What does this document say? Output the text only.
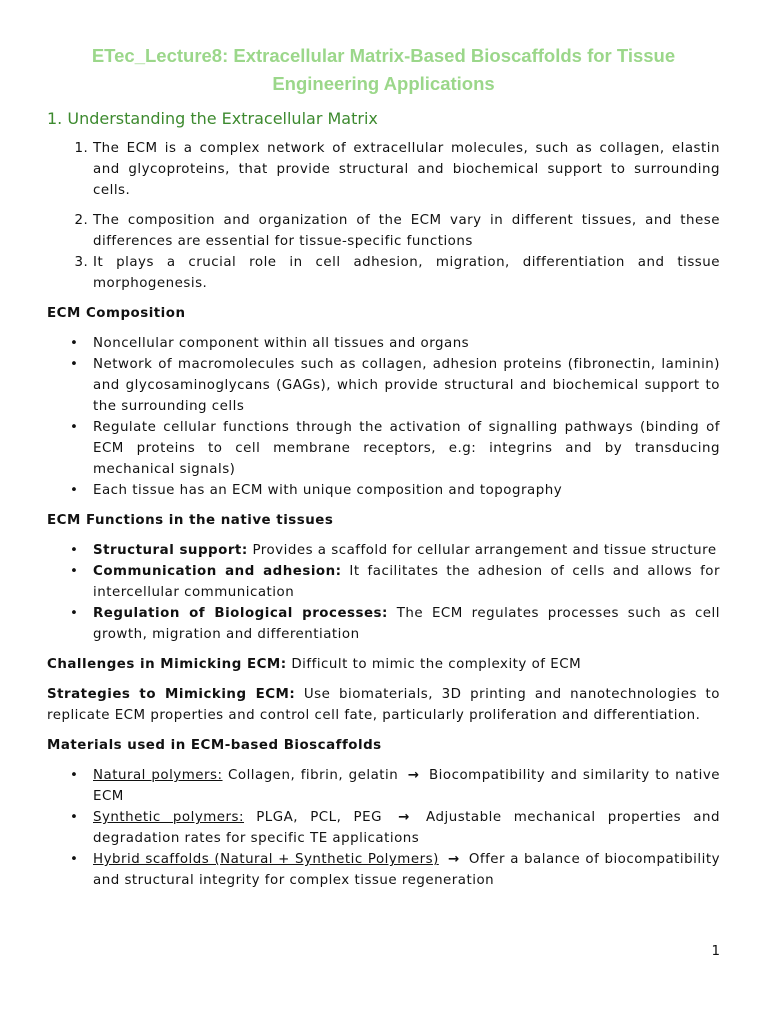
ETec_Lecture8: Extracellular Matrix-Based Bioscaffolds for Tissue Engineering Applications
1. Understanding the Extracellular Matrix
1. The ECM is a complex network of extracellular molecules, such as collagen, elastin and glycoproteins, that provide structural and biochemical support to surrounding cells.
2. The composition and organization of the ECM vary in different tissues, and these differences are essential for tissue-specific functions
3. It plays a crucial role in cell adhesion, migration, differentiation and tissue morphogenesis.
ECM Composition
• Noncellular component within all tissues and organs
• Network of macromolecules such as collagen, adhesion proteins (fibronectin, laminin) and glycosaminoglycans (GAGs), which provide structural and biochemical support to the surrounding cells
• Regulate cellular functions through the activation of signalling pathways (binding of ECM proteins to cell membrane receptors, e.g: integrins and by transducing mechanical signals)
• Each tissue has an ECM with unique composition and topography
ECM Functions in the native tissues
• Structural support: Provides a scaffold for cellular arrangement and tissue structure
• Communication and adhesion: It facilitates the adhesion of cells and allows for intercellular communication
• Regulation of Biological processes: The ECM regulates processes such as cell growth, migration and differentiation

Challenges in Mimicking ECM: Difficult to mimic the complexity of ECM

Strategies to Mimicking ECM: Use biomaterials, 3D printing and nanotechnologies to replicate ECM properties and control cell fate, particularly proliferation and differentiation.

Materials used in ECM-based Bioscaffolds
• Natural polymers: Collagen, fibrin, gelatin → Biocompatibility and similarity to native ECM
• Synthetic polymers: PLGA, PCL, PEG → Adjustable mechanical properties and degradation rates for specific TE applications
• Hybrid scaffolds (Natural + Synthetic Polymers) → Offer a balance of biocompatibility and structural integrity for complex tissue regeneration
1
